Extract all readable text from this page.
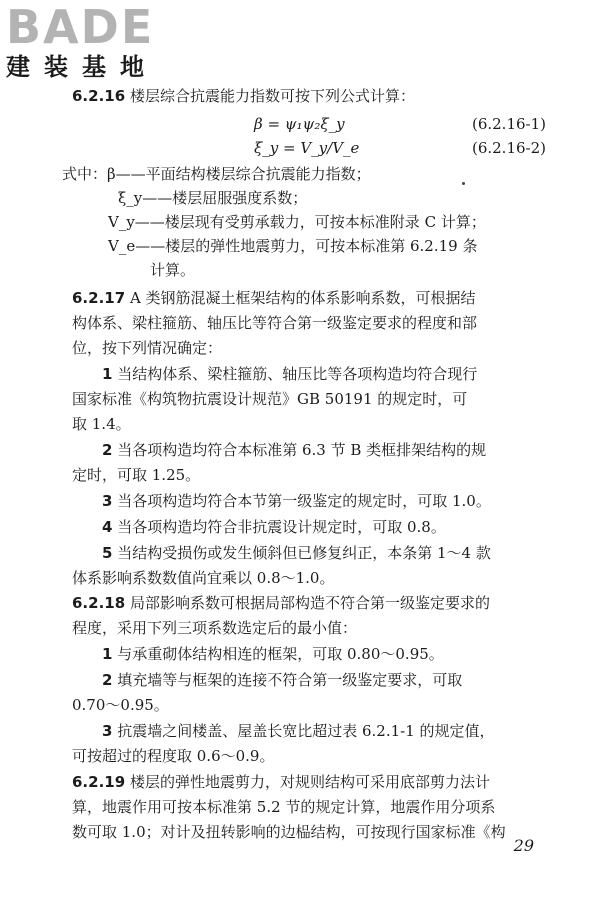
BADE
建装基地
6.2.16 楼层综合抗震能力指数可按下列公式计算：
β = ψ₁ψ₂ξ_y	(6.2.16-1)
ξ_y = V_y/V_e	(6.2.16-2)
式中：β——平面结构楼层综合抗震能力指数；
ξ_y——楼层屈服强度系数；
V_y——楼层现有受剪承载力，可按本标准附录 C 计算；
V_e——楼层的弹性地震剪力，可按本标准第 6.2.19 条
计算。
6.2.17 A 类钢筋混凝土框架结构的体系影响系数，可根据结
构体系、梁柱箍筋、轴压比等符合第一级鉴定要求的程度和部
位，按下列情况确定：
1 当结构体系、梁柱箍筋、轴压比等各项构造均符合现行
国家标准《构筑物抗震设计规范》GB 50191 的规定时，可
取 1.4。
2 当各项构造均符合本标准第 6.3 节 B 类框排架结构的规
定时，可取 1.25。
3 当各项构造均符合本节第一级鉴定的规定时，可取 1.0。
4 当各项构造均符合非抗震设计规定时，可取 0.8。
5 当结构受损伤或发生倾斜但已修复纠正，本条第 1～4 款
体系影响系数数值尚宜乘以 0.8～1.0。
6.2.18 局部影响系数可根据局部构造不符合第一级鉴定要求的
程度，采用下列三项系数选定后的最小值：
1 与承重砌体结构相连的框架，可取 0.80～0.95。
2 填充墙等与框架的连接不符合第一级鉴定要求，可取
0.70～0.95。
3 抗震墙之间楼盖、屋盖长宽比超过表 6.2.1-1 的规定值，
可按超过的程度取 0.6～0.9。
6.2.19 楼层的弹性地震剪力，对规则结构可采用底部剪力法计
算，地震作用可按本标准第 5.2 节的规定计算，地震作用分项系
数可取 1.0；对计及扭转影响的边榀结构，可按现行国家标准《构
29
